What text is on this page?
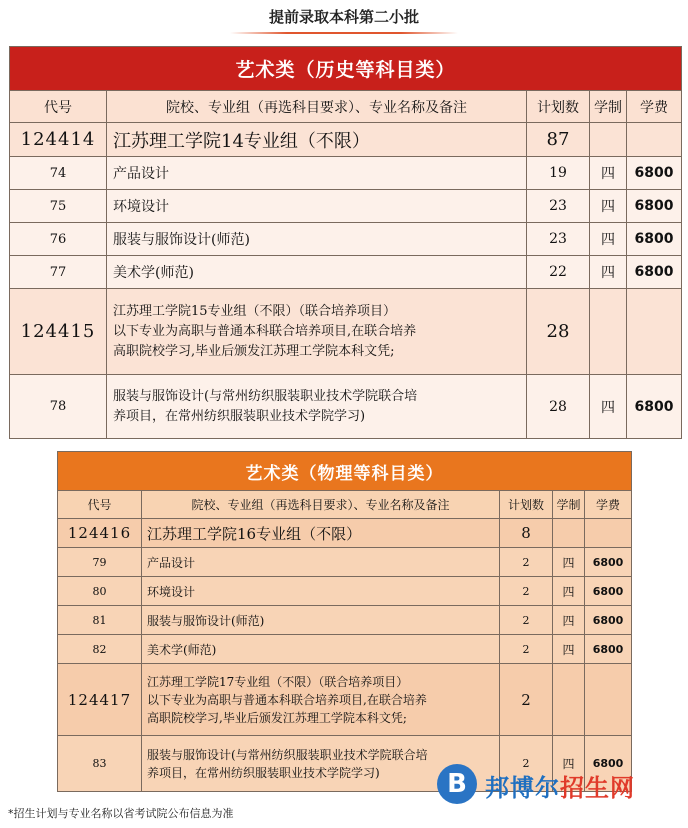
提前录取本科第二小批
艺术类（历史等科目类）				
代号	院校、专业组（再选科目要求）、专业名称及备注	计划数	学制	学费
124414	江苏理工学院14专业组（不限）	87		
74	产品设计	19	四	6800
75	环境设计	23	四	6800
76	服装与服饰设计(师范)	23	四	6800
77	美术学(师范)	22	四	6800
124415	江苏理工学院15专业组（不限）（联合培养项目）
以下专业为高职与普通本科联合培养项目,在联合培养
高职院校学习,毕业后颁发江苏理工学院本科文凭;	28		
78	服装与服饰设计(与常州纺织服装职业技术学院联合培
养项目，在常州纺织服装职业技术学院学习)	28	四	6800
艺术类（物理等科目类）				
代号	院校、专业组（再选科目要求）、专业名称及备注	计划数	学制	学费
124416	江苏理工学院16专业组（不限）	8		
79	产品设计	2	四	6800
80	环境设计	2	四	6800
81	服装与服饰设计(师范)	2	四	6800
82	美术学(师范)	2	四	6800
124417	江苏理工学院17专业组（不限）（联合培养项目）
以下专业为高职与普通本科联合培养项目,在联合培养
高职院校学习,毕业后颁发江苏理工学院本科文凭;	2		
83	服装与服饰设计(与常州纺织服装职业技术学院联合培
养项目，在常州纺织服装职业技术学院学习)	2	四	6800
*招生计划与专业名称以省考试院公布信息为准
B 邦博尔招生网
